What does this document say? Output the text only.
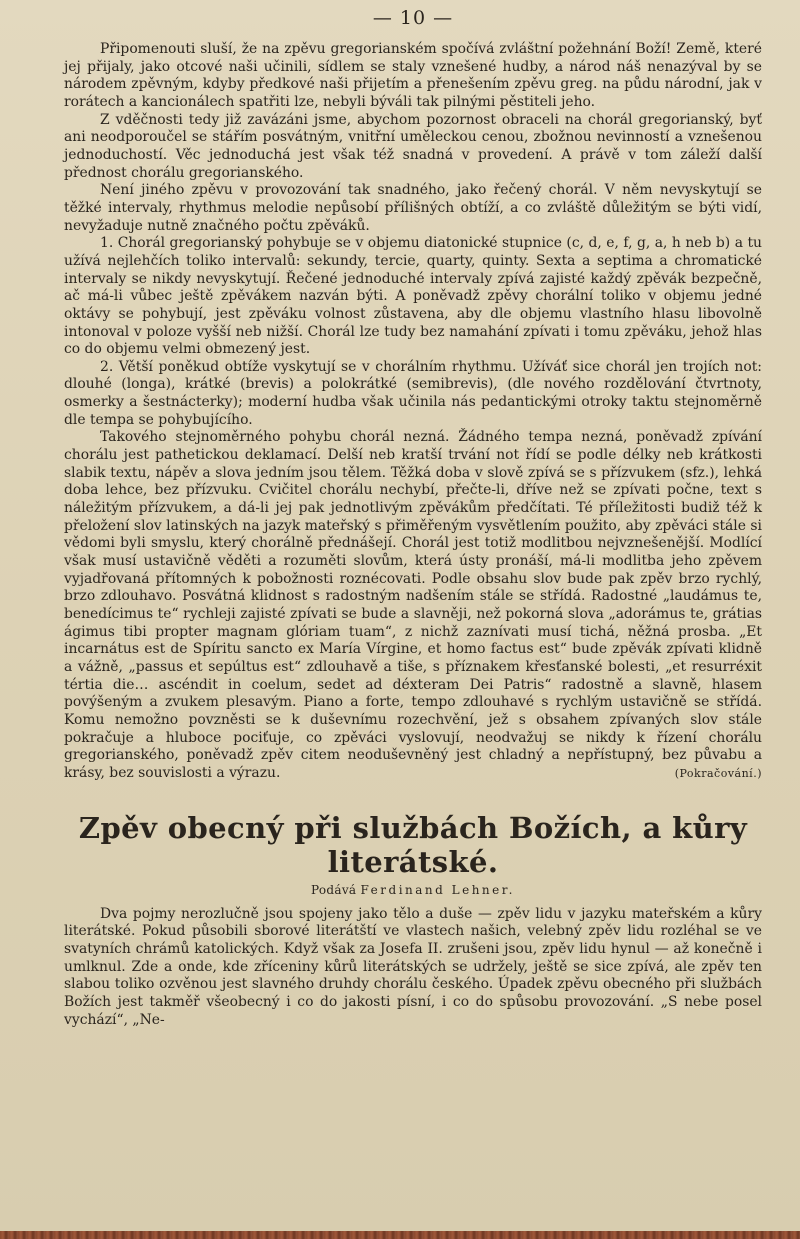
— 10 —

Připomenouti sluší, že na zpěvu gregorianském spočívá zvláštní požehnání Boží! Země, které jej přijaly, jako otcové naši učinili, sídlem se staly vznešené hudby, a národ náš nenazýval by se národem zpěvným, kdyby předkové naši přijetím a přenešením zpěvu greg. na půdu národní, jak v rorátech a kancionálech spatřiti lze, nebyli býváli tak pilnými pěstiteli jeho.

Z vděčnosti tedy již zavázáni jsme, abychom pozornost obraceli na chorál gregorianský, byť ani neodporoučel se stářím posvátným, vnitřní uměleckou cenou, zbožnou nevinností a vznešenou jednoduchostí. Věc jednoduchá jest však též snadná v provedení. A právě v tom záleží další přednost chorálu gregorianského.

Není jiného zpěvu v provozování tak snadného, jako řečený chorál. V něm nevyskytují se těžké intervaly, rhythmus melodie nepůsobí přílišných obtíží, a co zvláště důležitým se býti vidí, nevyžaduje nutně značného počtu zpěváků.

1. Chorál gregorianský pohybuje se v objemu diatonické stupnice (c, d, e, f, g, a, h neb b) a tu užívá nejlehčích toliko intervalů: sekundy, tercie, quarty, quinty. Sexta a septima a chromatické intervaly se nikdy nevyskytují. Řečené jednoduché intervaly zpívá zajisté každý zpěvák bezpečně, ač má-li vůbec ještě zpěvákem nazván býti. A poněvadž zpěvy chorální toliko v objemu jedné oktávy se pohybují, jest zpěváku volnost zůstavena, aby dle objemu vlastního hlasu libovolně intonoval v poloze vyšší neb nižší. Chorál lze tudy bez namahání zpívati i tomu zpěváku, jehož hlas co do objemu velmi obmezený jest.

2. Větší poněkud obtíže vyskytují se v chorálním rhythmu. Užíváť sice chorál jen trojích not: dlouhé (longa), krátké (brevis) a polokrátké (semibrevis), (dle nového rozdělování čtvrtnoty, osmerky a šestnácterky); moderní hudba však učinila nás pedantickými otroky taktu stejnoměrně dle tempa se pohybujícího.

Takového stejnoměrného pohybu chorál nezná. Žádného tempa nezná, poněvadž zpívání chorálu jest pathetickou deklamací. Delší neb kratší trvání not řídí se podle délky neb krátkosti slabik textu, nápěv a slova jedním jsou tělem. Těžká doba v slově zpívá se s přízvukem (sfz.), lehká doba lehce, bez přízvuku. Cvičitel chorálu nechybí, přečte-li, dříve než se zpívati počne, text s náležitým přízvukem, a dá-li jej pak jednotlivým zpěvákům předčítati. Té příležitosti budiž též k přeložení slov latinských na jazyk mateřský s přiměřeným vysvětlením použito, aby zpěváci stále si vědomi byli smyslu, který chorálně přednášejí. Chorál jest totiž modlitbou nejvznešenější. Modlící však musí ustavičně věděti a rozuměti slovům, která ústy pronáší, má-li modlitba jeho zpěvem vyjadřovaná přítomných k pobožnosti roznécovati. Podle obsahu slov bude pak zpěv brzo rychlý, brzo zdlouhavo. Posvátná klidnost s radostným nadšením stále se střídá. Radostné „laudámus te, benedícimus te“ rychleji zajisté zpívati se bude a slavněji, než pokorná slova „adorámus te, grátias ágimus tibi propter magnam glóriam tuam“, z nichž zaznívati musí tichá, něžná prosba. „Et incarnátus est de Spíritu sancto ex María Vírgine, et homo factus est“ bude zpěvák zpívati klidně a vážně, „passus et sepúltus est“ zdlouhavě a tiše, s příznakem křesťanské bolesti, „et resurréxit tértia die… ascéndit in coelum, sedet ad déxteram Dei Patris“ radostně a slavně, hlasem povýšeným a zvukem plesavým. Piano a forte, tempo zdlouhavé s rychlým ustavičně se střídá. Komu nemožno povzněsti se k duševnímu rozechvění, jež s obsahem zpívaných slov stále pokračuje a hluboce pociťuje, co zpěváci vyslovují, neodvažuj se nikdy k řízení chorálu gregorianského, poněvadž zpěv citem neoduševněný jest chladný a nepřístupný, bez půvabu a krásy, bez souvislosti a výrazu.	(Pokračování.)
Zpěv obecný při službách Božích, a kůry literátské.
Podává Ferdinand Lehner.

Dva pojmy nerozlučně jsou spojeny jako tělo a duše — zpěv lidu v jazyku mateřském a kůry literátské. Pokud působili sborové literátští ve vlastech našich, velebný zpěv lidu rozléhal se ve svatyních chrámů katolických. Když však za Josefa II. zrušeni jsou, zpěv lidu hynul — až konečně i umlknul. Zde a onde, kde zříceniny kůrů literátských se udržely, ještě se sice zpívá, ale zpěv ten slabou toliko ozvěnou jest slavného druhdy chorálu českého. Úpadek zpěvu obecného při službách Božích jest takměř všeobecný i co do jakosti písní, i co do spůsobu provozování. „S nebe posel vychází“, „Ne-
